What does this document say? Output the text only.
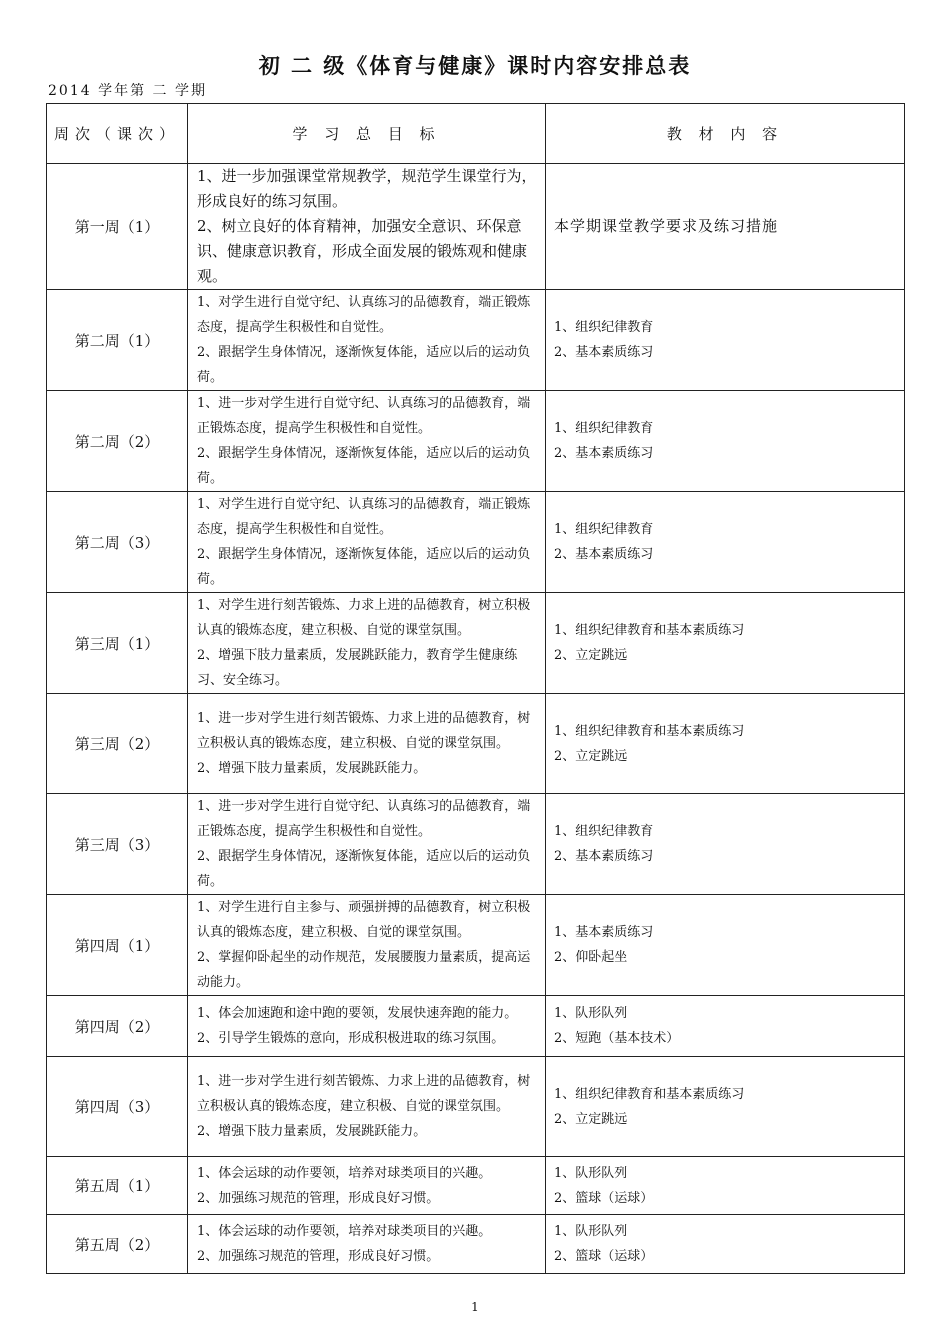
初 二 级《体育与健康》课时内容安排总表
2014 学年第 二 学期
周次（课次）	学 习 总 目 标	教 材 内 容
第一周（1）	1、进一步加强课堂常规教学，规范学生课堂行为，形成良好的练习氛围。
2、树立良好的体育精神，加强安全意识、环保意识、健康意识教育，形成全面发展的锻炼观和健康观。	本学期课堂教学要求及练习措施

第二周（1）	1、对学生进行自觉守纪、认真练习的品德教育，端正锻炼态度，提高学生积极性和自觉性。
2、跟据学生身体情况，逐渐恢复体能，适应以后的运动负荷。	1、组织纪律教育
2、基本素质练习

第二周（2）	1、进一步对学生进行自觉守纪、认真练习的品德教育，端正锻炼态度，提高学生积极性和自觉性。
2、跟据学生身体情况，逐渐恢复体能，适应以后的运动负荷。	1、组织纪律教育
2、基本素质练习

第二周（3）	1、对学生进行自觉守纪、认真练习的品德教育，端正锻炼态度，提高学生积极性和自觉性。
2、跟据学生身体情况，逐渐恢复体能，适应以后的运动负荷。	1、组织纪律教育
2、基本素质练习

第三周（1）	1、对学生进行刻苦锻炼、力求上进的品德教育，树立积极认真的锻炼态度，建立积极、自觉的课堂氛围。
2、增强下肢力量素质，发展跳跃能力，教育学生健康练习、安全练习。	1、组织纪律教育和基本素质练习
2、立定跳远

第三周（2）	1、进一步对学生进行刻苦锻炼、力求上进的品德教育，树立积极认真的锻炼态度，建立积极、自觉的课堂氛围。
2、增强下肢力量素质，发展跳跃能力。	1、组织纪律教育和基本素质练习
2、立定跳远

第三周（3）	1、进一步对学生进行自觉守纪、认真练习的品德教育，端正锻炼态度，提高学生积极性和自觉性。
2、跟据学生身体情况，逐渐恢复体能，适应以后的运动负荷。	1、组织纪律教育
2、基本素质练习

第四周（1）	1、对学生进行自主参与、顽强拼搏的品德教育，树立积极认真的锻炼态度，建立积极、自觉的课堂氛围。
2、掌握仰卧起坐的动作规范，发展腰腹力量素质，提高运动能力。	1、基本素质练习
2、仰卧起坐

第四周（2）	1、体会加速跑和途中跑的要领，发展快速奔跑的能力。
2、引导学生锻炼的意向，形成积极进取的练习氛围。	1、队形队列
2、短跑（基本技术）

第四周（3）	1、进一步对学生进行刻苦锻炼、力求上进的品德教育，树立积极认真的锻炼态度，建立积极、自觉的课堂氛围。
2、增强下肢力量素质，发展跳跃能力。	1、组织纪律教育和基本素质练习
2、立定跳远

第五周（1）	1、体会运球的动作要领，培养对球类项目的兴趣。
2、加强练习规范的管理，形成良好习惯。	1、队形队列
2、篮球（运球）

第五周（2）	1、体会运球的动作要领，培养对球类项目的兴趣。
2、加强练习规范的管理，形成良好习惯。	1、队形队列
2、篮球（运球）
1
